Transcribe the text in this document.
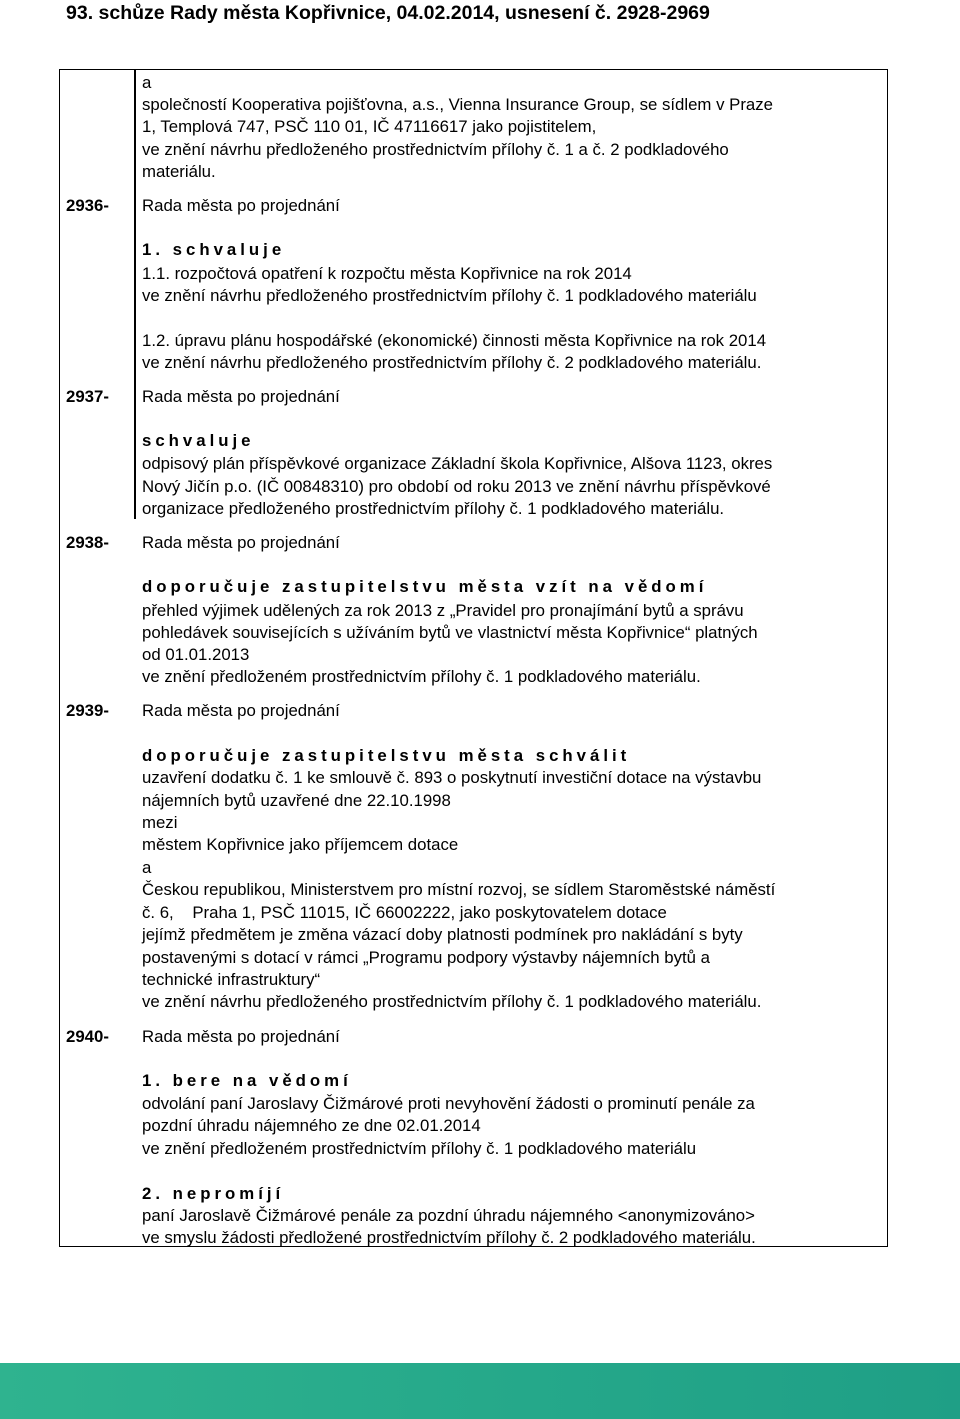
93. schůze Rady města Kopřivnice, 04.02.2014, usnesení č. 2928-2969
a
společností Kooperativa pojišťovna, a.s., Vienna Insurance Group, se sídlem v Praze
1, Templová 747, PSČ 110 01, IČ 47116617 jako pojistitelem,
ve znění návrhu předloženého prostřednictvím přílohy č. 1 a č. 2 podkladového
materiálu.
2936- Rada města po projednání
1. schvaluje
1.1. rozpočtová opatření k rozpočtu města Kopřivnice na rok 2014
ve znění návrhu předloženého prostřednictvím přílohy č. 1 podkladového materiálu
1.2. úpravu plánu hospodářské (ekonomické) činnosti města Kopřivnice na rok 2014
ve znění návrhu předloženého prostřednictvím přílohy č. 2 podkladového materiálu.
2937- Rada města po projednání
schvaluje
odpisový plán příspěvkové organizace Základní škola Kopřivnice, Alšova 1123, okres
Nový Jičín p.o. (IČ 00848310) pro období od roku 2013 ve znění návrhu příspěvkové
organizace předloženého prostřednictvím přílohy č. 1 podkladového materiálu.
2938- Rada města po projednání
doporučuje zastupitelstvu města vzít na vědomí
přehled výjimek udělených za rok 2013 z „Pravidel pro pronajímání bytů a správu
pohledávek souvisejících s užíváním bytů ve vlastnictví města Kopřivnice“ platných
od 01.01.2013
ve znění předloženém prostřednictvím přílohy č. 1 podkladového materiálu.
2939- Rada města po projednání
doporučuje zastupitelstvu města schválit
uzavření dodatku č. 1 ke smlouvě č. 893 o poskytnutí investiční dotace na výstavbu
nájemních bytů uzavřené dne 22.10.1998
mezi
městem Kopřivnice jako příjemcem dotace
a
Českou republikou, Ministerstvem pro místní rozvoj, se sídlem Staroměstské náměstí
č. 6,    Praha 1, PSČ 11015, IČ 66002222, jako poskytovatelem dotace
jejímž předmětem je změna vázací doby platnosti podmínek pro nakládání s byty
postavenými s dotací v rámci „Programu podpory výstavby nájemních bytů a
technické infrastruktury“
ve znění návrhu předloženého prostřednictvím přílohy č. 1 podkladového materiálu.
2940- Rada města po projednání
1. bere na vědomí
odvolání paní Jaroslavy Čižmárové proti nevyhovění žádosti o prominutí penále za
pozdní úhradu nájemného ze dne 02.01.2014
ve znění předloženém prostřednictvím přílohy č. 1 podkladového materiálu
2. nepromíjí
paní Jaroslavě Čižmárové penále za pozdní úhradu nájemného <anonymizováno>
ve smyslu žádosti předložené prostřednictvím přílohy č. 2 podkladového materiálu.
